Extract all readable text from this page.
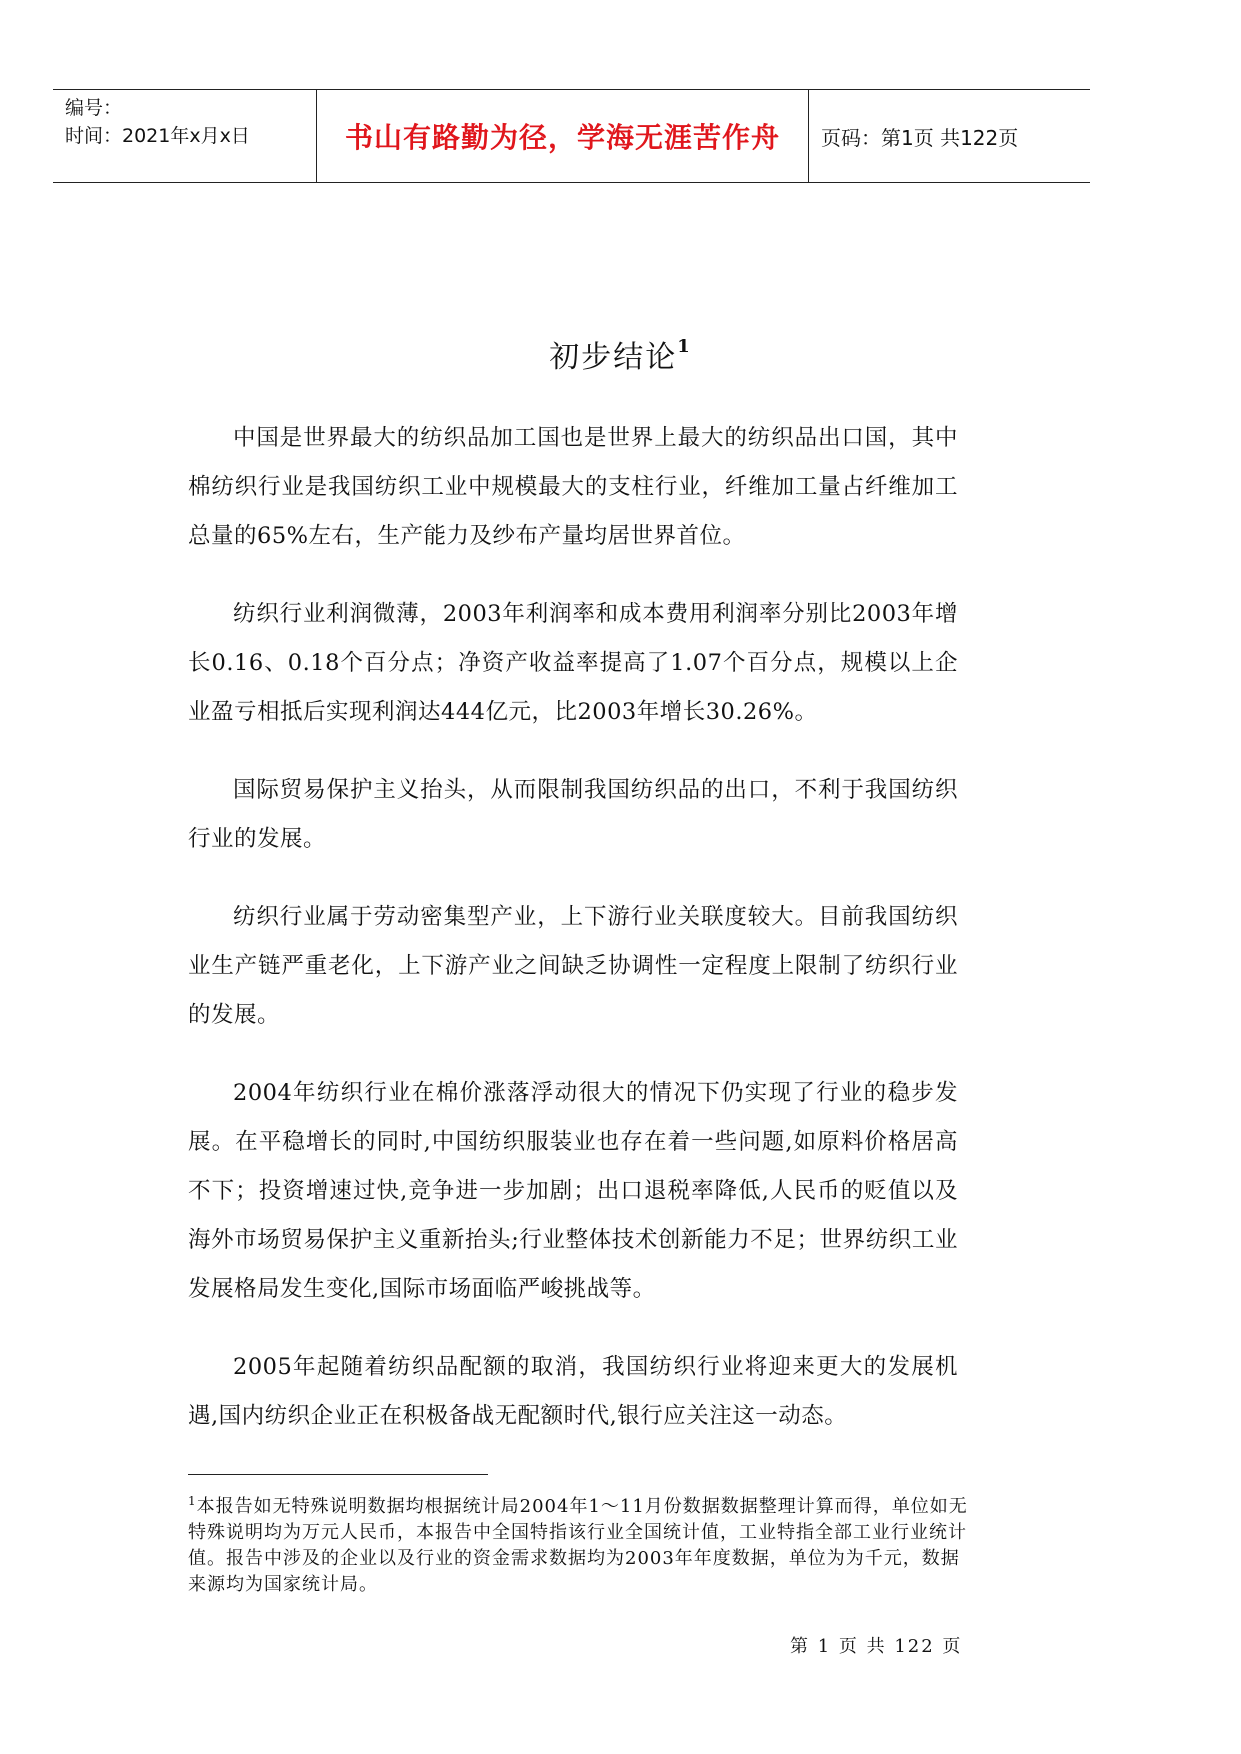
编号：
时间：2021年x月x日	书山有路勤为径，学海无涯苦作舟	页码：第1页 共122页
初步结论$^1$

中国是世界最大的纺织品加工国也是世界上最大的纺织品出口国，其中棉纺织行业是我国纺织工业中规模最大的支柱行业，纤维加工量占纤维加工总量的65%左右，生产能力及纱布产量均居世界首位。

纺织行业利润微薄，2003年利润率和成本费用利润率分别比2003年增长0.16、0.18个百分点；净资产收益率提高了1.07个百分点，规模以上企业盈亏相抵后实现利润达444亿元，比2003年增长30.26%。

国际贸易保护主义抬头，从而限制我国纺织品的出口，不利于我国纺织行业的发展。

纺织行业属于劳动密集型产业，上下游行业关联度较大。目前我国纺织业生产链严重老化，上下游产业之间缺乏协调性一定程度上限制了纺织行业的发展。

2004年纺织行业在棉价涨落浮动很大的情况下仍实现了行业的稳步发展。在平稳增长的同时,中国纺织服装业也存在着一些问题,如原料价格居高不下；投资增速过快,竞争进一步加剧；出口退税率降低,人民币的贬值以及海外市场贸易保护主义重新抬头;行业整体技术创新能力不足；世界纺织工业发展格局发生变化,国际市场面临严峻挑战等。

2005年起随着纺织品配额的取消，我国纺织行业将迎来更大的发展机遇,国内纺织企业正在积极备战无配额时代,银行应关注这一动态。

$^1$本报告如无特殊说明数据均根据统计局2004年1～11月份数据数据整理计算而得，单位如无特殊说明均为万元人民币，本报告中全国特指该行业全国统计值，工业特指全部工业行业统计值。报告中涉及的企业以及行业的资金需求数据均为2003年年度数据，单位为为千元，数据来源均为国家统计局。
第 1 页 共 122 页
